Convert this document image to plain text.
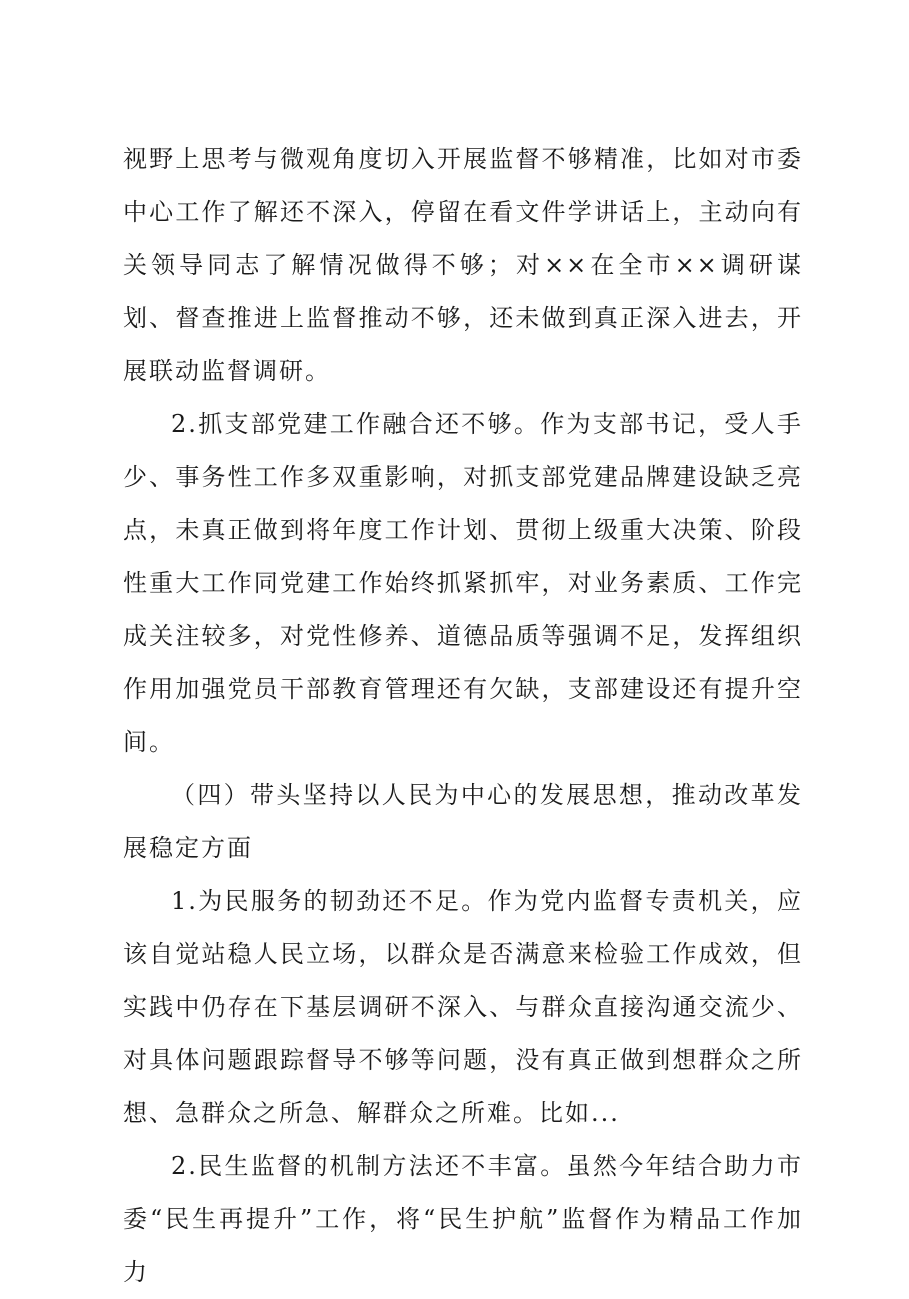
视野上思考与微观角度切入开展监督不够精准，比如对市委中心工作了解还不深入，停留在看文件学讲话上，主动向有关领导同志了解情况做得不够；对××在全市××调研谋划、督查推进上监督推动不够，还未做到真正深入进去，开展联动监督调研。

2.抓支部党建工作融合还不够。作为支部书记，受人手少、事务性工作多双重影响，对抓支部党建品牌建设缺乏亮点，未真正做到将年度工作计划、贯彻上级重大决策、阶段性重大工作同党建工作始终抓紧抓牢，对业务素质、工作完成关注较多，对党性修养、道德品质等强调不足，发挥组织作用加强党员干部教育管理还有欠缺，支部建设还有提升空间。

（四）带头坚持以人民为中心的发展思想，推动改革发展稳定方面

1.为民服务的韧劲还不足。作为党内监督专责机关，应该自觉站稳人民立场，以群众是否满意来检验工作成效，但实践中仍存在下基层调研不深入、与群众直接沟通交流少、对具体问题跟踪督导不够等问题，没有真正做到想群众之所想、急群众之所急、解群众之所难。比如...

2.民生监督的机制方法还不丰富。虽然今年结合助力市委“民生再提升”工作，将“民生护航”监督作为精品工作加力
